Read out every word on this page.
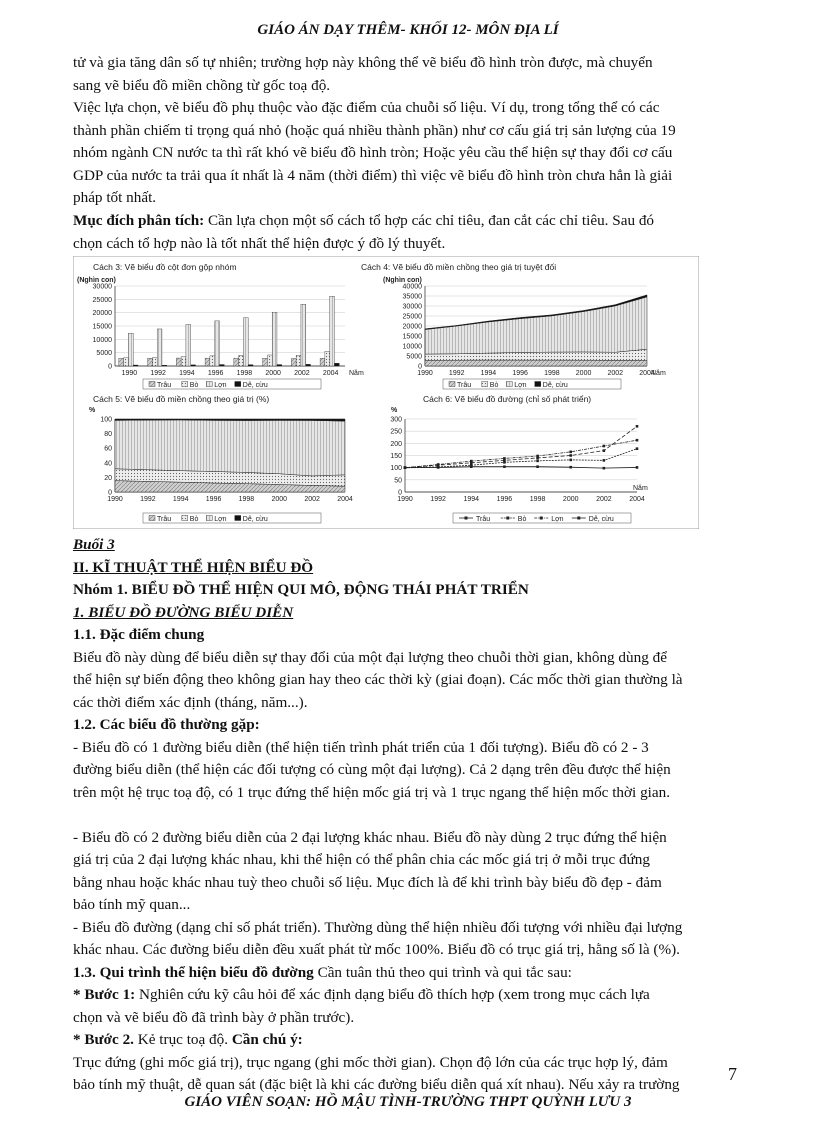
GIÁO ÁN DẠY THÊM- KHỐI 12- MÔN ĐỊA LÍ
tử và gia tăng dân số tự nhiên; trường hợp này không thể vẽ biểu đồ hình tròn được, mà chuyển
sang vẽ biểu đồ miền chồng từ gốc toạ độ.
Việc lựa chọn, vẽ biểu đồ phụ thuộc vào đặc điểm của chuỗi số liệu. Ví dụ, trong tổng thể có các
thành phần chiếm tỉ trọng quá nhỏ (hoặc quá nhiều thành phần) như cơ cấu giá trị sản lượng của 19
nhóm ngành CN nước ta thì rất khó vẽ biểu đồ hình tròn; Hoặc yêu cầu thể hiện sự thay đổi cơ cấu
GDP của nước ta trải qua ít nhất là 4 năm (thời điểm) thì việc vẽ biểu đồ hình tròn chưa hẳn là giải
pháp tốt nhất.
Mục đích phân tích: Cần lựa chọn một số cách tổ hợp các chỉ tiêu, đan cắt các chỉ tiêu. Sau đó
chọn cách tổ hợp nào là tốt nhất thể hiện được ý đồ lý thuyết.
Cách 3: Vẽ biểu đồ cột đơn gộp nhóm
(Nghìn con)
30000
25000
20000
15000
10000
5000
0
1990 1992 1994 1996 1998 2000 2002 2004 Năm
Trâu	Bò Lợn Dê, cừu
Cách 4: Vẽ biểu đồ miền chồng theo giá trị tuyệt đối
(Nghìn con)
40000
35000
30000
25000
20000
15000
10000
5000
0
1990 1992 1994 1996 1998 2000 2002 2004
Năm
Trâu	Bò Lợn Dê, cừu
Cách 5: Vẽ biểu đồ miền chồng theo giá trị (%)
%
100
80
60
40
20
0
1990 1992 1994 1996 1998 2000 2002 2004
Trâu	Bò Lợn Dê, cừu
Cách 6: Vẽ biểu đồ đường (chỉ số phát triển)
%
300
250
200
150
100
50
0
1990	1992	1994	1996	1998	2000	2002	2004
Năm
Trâu	Bò	Lợn	Dê, cừu
Buổi 3
II. KĨ THUẬT THỂ HIỆN BIỂU ĐỒ
Nhóm 1. BIỂU ĐỒ THỂ HIỆN QUI MÔ, ĐỘNG THÁI PHÁT TRIỂN
1. BIỂU ĐỒ ĐƯỜNG BIỂU DIỄN
1.1. Đặc điểm chung
Biểu đồ này dùng để biểu diễn sự thay đổi của một đại lượng theo chuỗi thời gian, không dùng để
thể hiện sự biến động theo không gian hay theo các thời kỳ (giai đoạn). Các mốc thời gian thường là
các thời điểm xác định (tháng, năm...).
1.2. Các biểu đồ thường gặp:
- Biểu đồ có 1 đường biểu diễn (thể hiện tiến trình phát triển của 1 đối tượng). Biểu đồ có 2 - 3
đường biểu diễn (thể hiện các đối tượng có cùng một đại lượng). Cả 2 dạng trên đều được thể hiện
trên một hệ trục toạ độ, có 1 trục đứng thể hiện mốc giá trị và 1 trục ngang thể hiện mốc thời gian.
- Biểu đồ có 2 đường biểu diễn của 2 đại lượng khác nhau. Biểu đồ này dùng 2 trục đứng thể hiện
giá trị của 2 đại lượng khác nhau, khi thể hiện có thể phân chia các mốc giá trị ở mỗi trục đứng
bằng nhau hoặc khác nhau tuỳ theo chuỗi số liệu. Mục đích là để khi trình bày biểu đồ đẹp - đảm
bảo tính mỹ quan...
- Biểu đồ đường (dạng chỉ số phát triển). Thường dùng thể hiện nhiều đối tượng với nhiều đại lượng
khác nhau. Các đường biểu diễn đều xuất phát từ mốc 100%. Biểu đồ có trục giá trị, hằng số là (%).
1.3. Qui trình thể hiện biểu đồ đường Cần tuân thủ theo qui trình và qui tắc sau:
* Bước 1: Nghiên cứu kỹ câu hỏi để xác định dạng biểu đồ thích hợp (xem trong mục cách lựa
chọn và vẽ biểu đồ đã trình bày ở phần trước).
* Bước 2. Kẻ trục toạ độ. Cần chú ý:
Trục đứng (ghi mốc giá trị), trục ngang (ghi mốc thời gian). Chọn độ lớn của các trục hợp lý, đảm
bảo tính mỹ thuật, dễ quan sát (đặc biệt là khi các đường biểu diễn quá xít nhau). Nếu xảy ra trường
7
GIÁO VIÊN SOẠN: HỒ MẬU TÌNH-TRƯỜNG THPT QUỲNH LƯU 3
